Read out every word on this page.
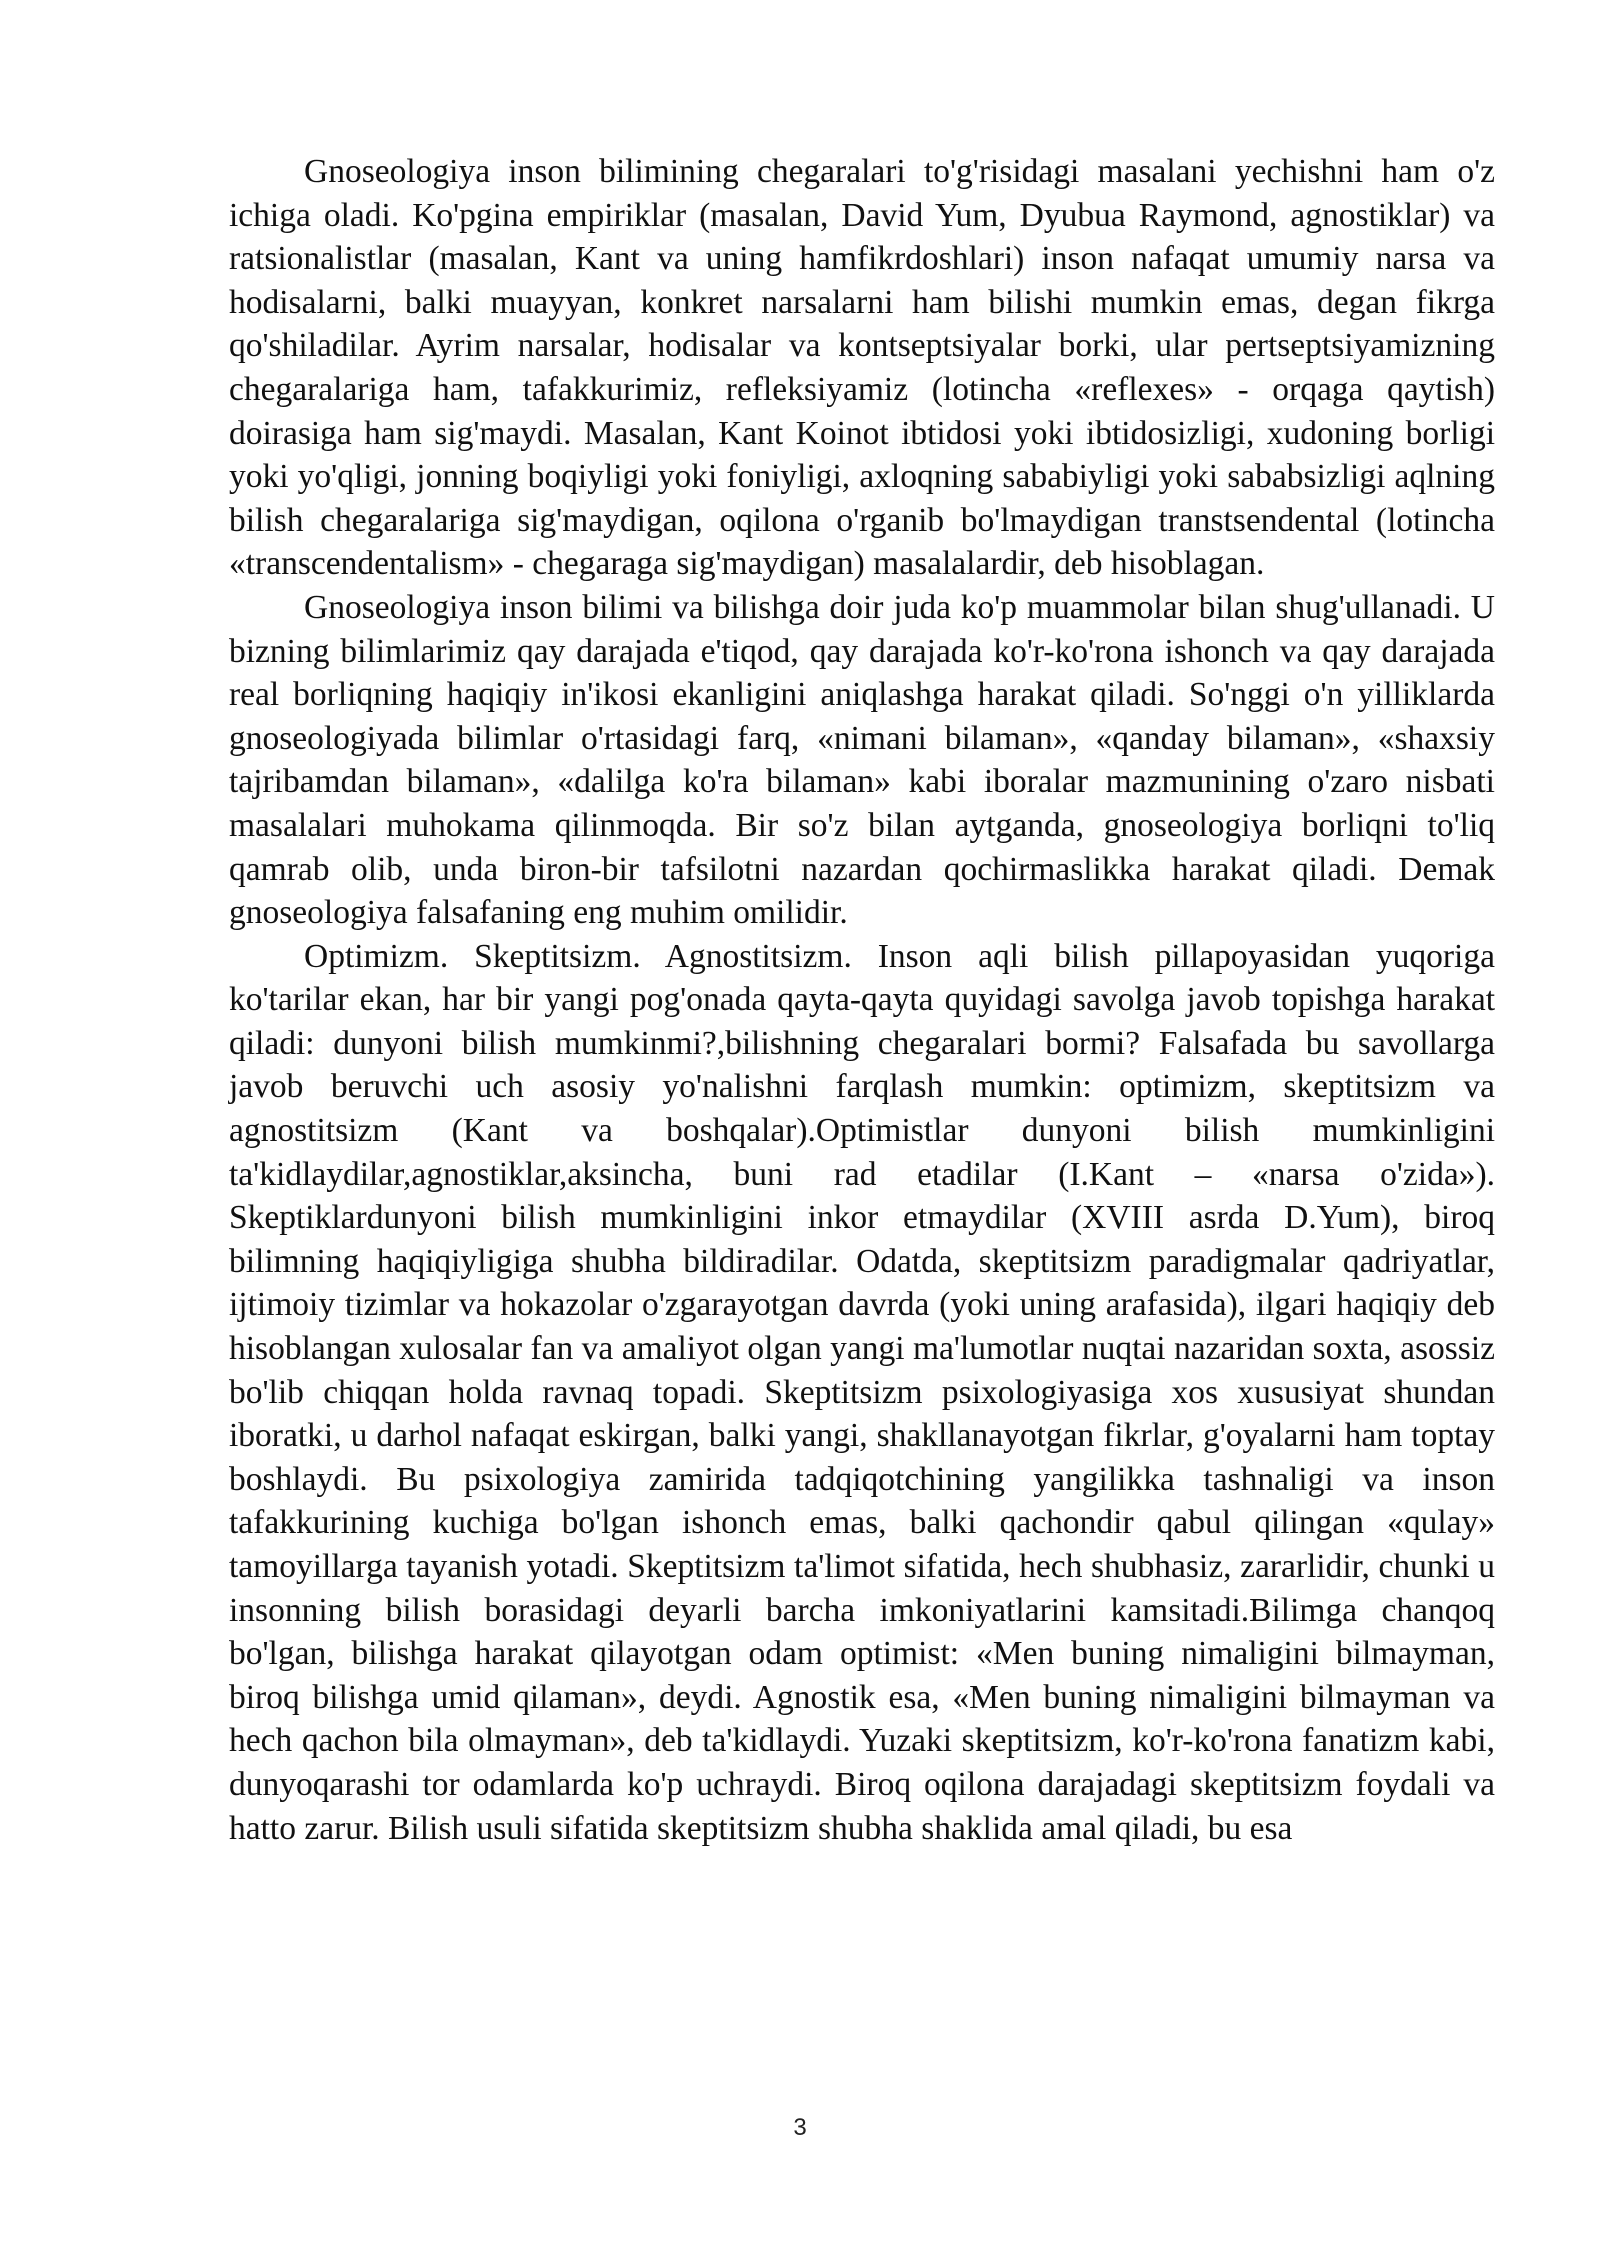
Gnoseologiya inson bilimining chegaralari to'g'risidagi masalani yechishni ham o'z ichiga oladi. Ko'pgina empiriklar (masalan, David Yum, Dyubua Raymond, agnostiklar) va ratsionalistlar (masalan, Kant va uning hamfikrdoshlari) inson nafaqat umumiy narsa va hodisalarni, balki muayyan, konkret narsalarni ham bilishi mumkin emas, degan fikrga qo'shiladilar. Ayrim narsalar, hodisalar va kontseptsiyalar borki, ular pertseptsiyamizning chegaralariga ham, tafakkurimiz, refleksiyamiz (lotincha «reflexes» - orqaga qaytish) doirasiga ham sig'maydi. Masalan, Kant Koinot ibtidosi yoki ibtidosizligi, xudoning borligi yoki yo'qligi, jonning boqiyligi yoki foniyligi, axloqning sababiyligi yoki sababsizligi aqlning bilish chegaralariga sig'maydigan, oqilona o'rganib bo'lmaydigan transtsendental (lotincha «transcendentalism» - chegaraga sig'maydigan) masalalardir, deb hisoblagan.

Gnoseologiya inson bilimi va bilishga doir juda ko'p muammolar bilan shug'ullanadi. U bizning bilimlarimiz qay darajada e'tiqod, qay darajada ko'r-ko'rona ishonch va qay darajada real borliqning haqiqiy in'ikosi ekanligini aniqlashga harakat qiladi. So'nggi o'n yilliklarda gnoseologiyada bilimlar o'rtasidagi farq, «nimani bilaman», «qanday bilaman», «shaxsiy tajribamdan bilaman», «dalilga ko'ra bilaman» kabi iboralar mazmunining o'zaro nisbati masalalari muhokama qilinmoqda. Bir so'z bilan aytganda, gnoseologiya borliqni to'liq qamrab olib, unda biron-bir tafsilotni nazardan qochirmaslikka harakat qiladi. Demak gnoseologiya falsafaning eng muhim omilidir.

Optimizm. Skeptitsizm. Agnostitsizm. Inson aqli bilish pillapoyasidan yuqoriga ko'tarilar ekan, har bir yangi pog'onada qayta-qayta quyidagi savolga javob topishga harakat qiladi: dunyoni bilish mumkinmi?,bilishning chegaralari bormi? Falsafada bu savollarga javob beruvchi uch asosiy yo'nalishni farqlash mumkin: optimizm, skeptitsizm va agnostitsizm (Kant va boshqalar).Optimistlar dunyoni bilish mumkinligini ta'kidlaydilar,agnostiklar,aksincha, buni rad etadilar (I.Kant – «narsa o'zida»). Skeptiklardunyoni bilish mumkinligini inkor etmaydilar (XVIII asrda D.Yum), biroq bilimning haqiqiyligiga shubha bildiradilar. Odatda, skeptitsizm paradigmalar qadriyatlar, ijtimoiy tizimlar va hokazolar o'zgarayotgan davrda (yoki uning arafasida), ilgari haqiqiy deb hisoblangan xulosalar fan va amaliyot olgan yangi ma'lumotlar nuqtai nazaridan soxta, asossiz bo'lib chiqqan holda ravnaq topadi. Skeptitsizm psixologiyasiga xos xususiyat shundan iboratki, u darhol nafaqat eskirgan, balki yangi, shakllanayotgan fikrlar, g'oyalarni ham toptay boshlaydi. Bu psixologiya zamirida tadqiqotchining yangilikka tashnaligi va inson tafakkurining kuchiga bo'lgan ishonch emas, balki qachondir qabul qilingan «qulay» tamoyillarga tayanish yotadi. Skeptitsizm ta'limot sifatida, hech shubhasiz, zararlidir, chunki u insonning bilish borasidagi deyarli barcha imkoniyatlarini kamsitadi.Bilimga chanqoq bo'lgan, bilishga harakat qilayotgan odam optimist: «Men buning nimaligini bilmayman, biroq bilishga umid qilaman», deydi. Agnostik esa, «Men buning nimaligini bilmayman va hech qachon bila olmayman», deb ta'kidlaydi. Yuzaki skeptitsizm, ko'r-ko'rona fanatizm kabi, dunyoqarashi tor odamlarda ko'p uchraydi. Biroq oqilona darajadagi skeptitsizm foydali va hatto zarur. Bilish usuli sifatida skeptitsizm shubha shaklida amal qiladi, bu esa

3
